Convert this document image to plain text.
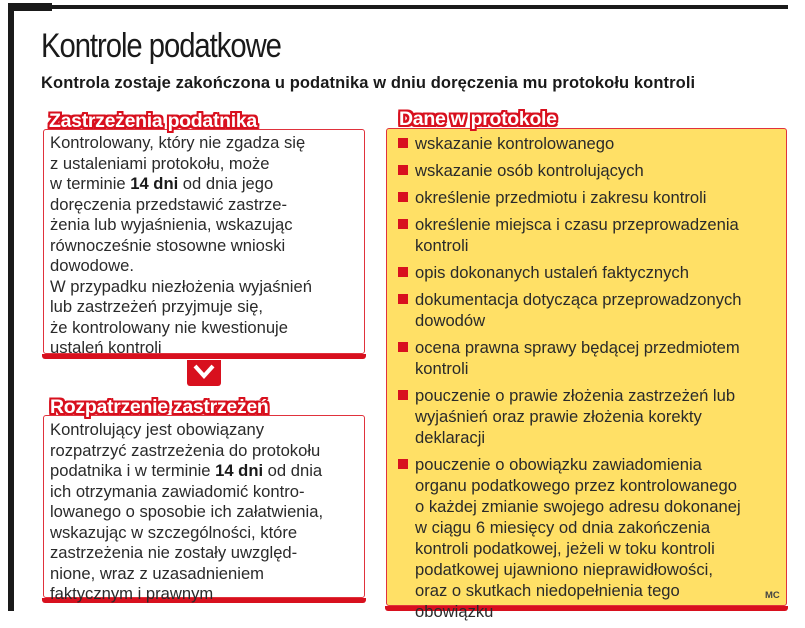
Kontrole podatkowe
Kontrola zostaje zakończona u podatnika w dniu doręczenia mu protokołu kontroli
Zastrzeżenia podatnika
Kontrolowany, który nie zgadza się
z ustaleniami protokołu, może
w terminie 14 dni od dnia jego
doręczenia przedstawić zastrze-
żenia lub wyjaśnienia, wskazując
równocześnie stosowne wnioski
dowodowe.
W przypadku niezłożenia wyjaśnień
lub zastrzeżeń przyjmuje się,
że kontrolowany nie kwestionuje
ustaleń kontroli
Rozpatrzenie zastrzeżeń
Kontrolujący jest obowiązany
rozpatrzyć zastrzeżenia do protokołu
podatnika i w terminie 14 dni od dnia
ich otrzymania zawiadomić kontro-
lowanego o sposobie ich załatwienia,
wskazując w szczególności, które
zastrzeżenia nie zostały uwzględ-
nione, wraz z uzasadnieniem
faktycznym i prawnym
Dane w protokole
wskazanie kontrolowanego
wskazanie osób kontrolujących
określenie przedmiotu i zakresu kontroli
określenie miejsca i czasu przeprowadzenia
kontroli
opis dokonanych ustaleń faktycznych
dokumentacja dotycząca przeprowadzonych
dowodów
ocena prawna sprawy będącej przedmiotem
kontroli
pouczenie o prawie złożenia zastrzeżeń lub
wyjaśnień oraz prawie złożenia korekty
deklaracji
pouczenie o obowiązku zawiadomienia
organu podatkowego przez kontrolowanego
o każdej zmianie swojego adresu dokonanej
w ciągu 6 miesięcy od dnia zakończenia
kontroli podatkowej, jeżeli w toku kontroli
podatkowej ujawniono nieprawidłowości,
oraz o skutkach niedopełnienia tego
obowiązku
MC
